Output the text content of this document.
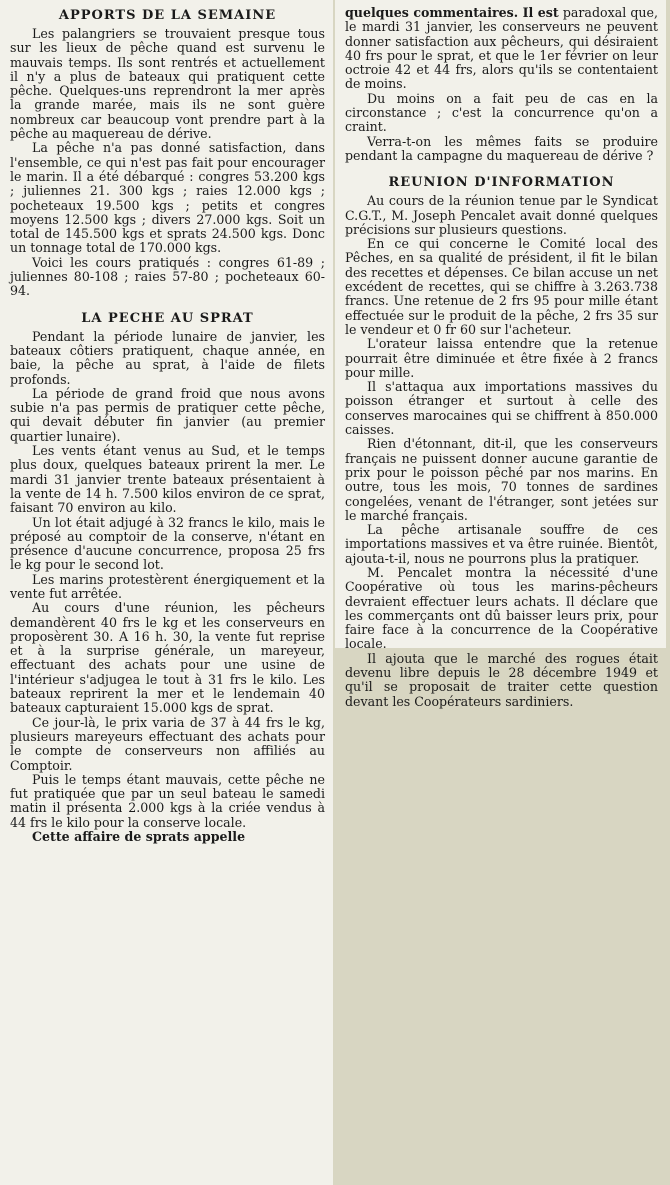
APPORTS DE LA SEMAINE

Les palangriers se trouvaient presque tous sur les lieux de pêche quand est survenu le mauvais temps. Ils sont rentrés et actuellement il n'y a plus de bateaux qui pratiquent cette pêche. Quelques-uns reprendront la mer après la grande marée, mais ils ne sont guère nombreux car beaucoup vont prendre part à la pêche au maquereau de dérive.

La pêche n'a pas donné satisfaction, dans l'ensemble, ce qui n'est pas fait pour encourager le marin. Il a été débarqué : congres 53.200 kgs ; juliennes 21. 300 kgs ; raies 12.000 kgs ; pocheteaux 19.500 kgs ; petits et congres moyens 12.500 kgs ; divers 27.000 kgs. Soit un total de 145.500 kgs et sprats 24.500 kgs. Donc un tonnage total de 170.000 kgs.

Voici les cours pratiqués : congres 61-89 ; juliennes 80-108 ; raies 57-80 ; pocheteaux 60-94.

LA PECHE AU SPRAT

Pendant la période lunaire de janvier, les bateaux côtiers pratiquent, chaque année, en baie, la pêche au sprat, à l'aide de filets profonds.

La période de grand froid que nous avons subie n'a pas permis de pratiquer cette pêche, qui devait débuter fin janvier (au premier quartier lunaire).

Les vents étant venus au Sud, et le temps plus doux, quelques bateaux prirent la mer. Le mardi 31 janvier trente bateaux présentaient à la vente de 14 h. 7.500 kilos environ de ce sprat, faisant 70 environ au kilo.

Un lot était adjugé à 32 francs le kilo, mais le préposé au comptoir de la conserve, n'étant en présence d'aucune concurrence, proposa 25 frs le kg pour le second lot.

Les marins protestèrent énergiquement et la vente fut arrêtée.

Au cours d'une réunion, les pêcheurs demandèrent 40 frs le kg et les conserveurs en proposèrent 30. A 16 h. 30, la vente fut reprise et à la surprise générale, un mareyeur, effectuant des achats pour une usine de l'intérieur s'adjugea le tout à 31 frs le kilo. Les bateaux reprirent la mer et le lendemain 40 bateaux capturaient 15.000 kgs de sprat.

Ce jour-là, le prix varia de 37 à 44 frs le kg, plusieurs mareyeurs effectuant des achats pour le compte de conserveurs non affiliés au Comptoir.

Puis le temps étant mauvais, cette pêche ne fut pratiquée que par un seul bateau le samedi matin il présenta 2.000 kgs à la criée vendus à 44 frs le kilo pour la conserve locale.

Cette affaire de sprats appelle

quelques commentaires. Il est paradoxal que, le mardi 31 janvier, les conserveurs ne peuvent donner satisfaction aux pêcheurs, qui désiraient 40 frs pour le sprat, et que le 1er février on leur octroie 42 et 44 frs, alors qu'ils se contentaient de moins.

Du moins on a fait peu de cas en la circonstance ; c'est la concurrence qu'on a craint.

Verra-t-on les mêmes faits se produire pendant la campagne du maquereau de dérive ?

REUNION D'INFORMATION

Au cours de la réunion tenue par le Syndicat C.G.T., M. Joseph Pencalet avait donné quelques précisions sur plusieurs questions.

En ce qui concerne le Comité local des Pêches, en sa qualité de président, il fit le bilan des recettes et dépenses. Ce bilan accuse un net excédent de recettes, qui se chiffre à 3.263.738 francs. Une retenue de 2 frs 95 pour mille étant effectuée sur le produit de la pêche, 2 frs 35 sur le vendeur et 0 fr 60 sur l'acheteur.

L'orateur laissa entendre que la retenue pourrait être diminuée et être fixée à 2 francs pour mille.

Il s'attaqua aux importations massives du poisson étranger et surtout à celle des conserves marocaines qui se chiffrent à 850.000 caisses.

Rien d'étonnant, dit-il, que les conserveurs français ne puissent donner aucune garantie de prix pour le poisson pêché par nos marins. En outre, tous les mois, 70 tonnes de sardines congelées, venant de l'étranger, sont jetées sur le marché français.

La pêche artisanale souffre de ces importations massives et va être ruinée. Bientôt, ajouta-t-il, nous ne pourrons plus la pratiquer.

M. Pencalet montra la nécessité d'une Coopérative où tous les marins-pêcheurs devraient effectuer leurs achats. Il déclare que les commerçants ont dû baisser leurs prix, pour faire face à la concurrence de la Coopérative locale.

Il ajouta que le marché des rogues était devenu libre depuis le 28 décembre 1949 et qu'il se proposait de traiter cette question devant les Coopérateurs sardiniers.
